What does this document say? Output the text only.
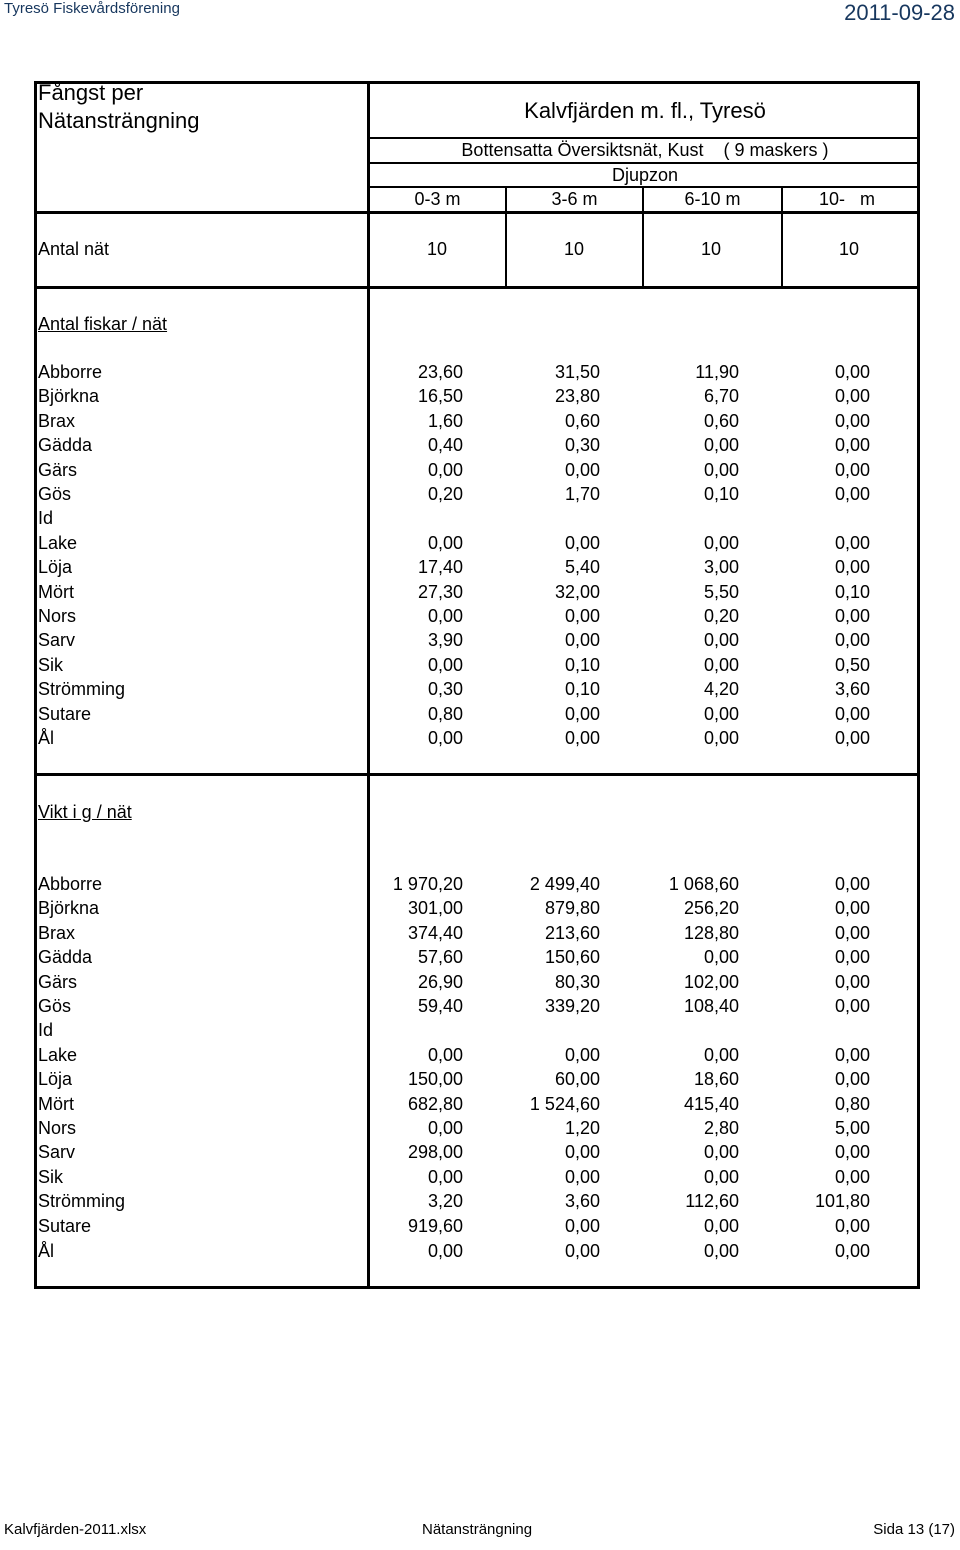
Tyresö Fiskevårdsförening	2011-09-28
Fångst per
Nätansträngning	Kalvfjärden m. fl., Tyresö
Bottensatta Översiktsnät, Kust    ( 9 maskers )
Djupzon
0-3 m	3-6 m	6-10 m	10-   m
Antal nät	10	10	10	10
Antal fiskar / nät
Vikt i g / nät
Abborre	23,60	31,50	11,90	0,00
Björkna	16,50	23,80	6,70	0,00
Brax	1,60	0,60	0,60	0,00
Gädda	0,40	0,30	0,00	0,00
Gärs	0,00	0,00	0,00	0,00
Gös	0,20	1,70	0,10	0,00
Id
Lake	0,00	0,00	0,00	0,00
Löja	17,40	5,40	3,00	0,00
Mört	27,30	32,00	5,50	0,10
Nors	0,00	0,00	0,20	0,00
Sarv	3,90	0,00	0,00	0,00
Sik	0,00	0,10	0,00	0,50
Strömming	0,30	0,10	4,20	3,60
Sutare	0,80	0,00	0,00	0,00
Ål	0,00	0,00	0,00	0,00
Abborre	1 970,20	2 499,40	1 068,60	0,00
Björkna	301,00	879,80	256,20	0,00
Brax	374,40	213,60	128,80	0,00
Gädda	57,60	150,60	0,00	0,00
Gärs	26,90	80,30	102,00	0,00
Gös	59,40	339,20	108,40	0,00
Id
Lake	0,00	0,00	0,00	0,00
Löja	150,00	60,00	18,60	0,00
Mört	682,80	1 524,60	415,40	0,80
Nors	0,00	1,20	2,80	5,00
Sarv	298,00	0,00	0,00	0,00
Sik	0,00	0,00	0,00	0,00
Strömming	3,20	3,60	112,60	101,80
Sutare	919,60	0,00	0,00	0,00
Ål	0,00	0,00	0,00	0,00
Kalvfjärden-2011.xlsx	Nätansträngning	Sida 13 (17)
